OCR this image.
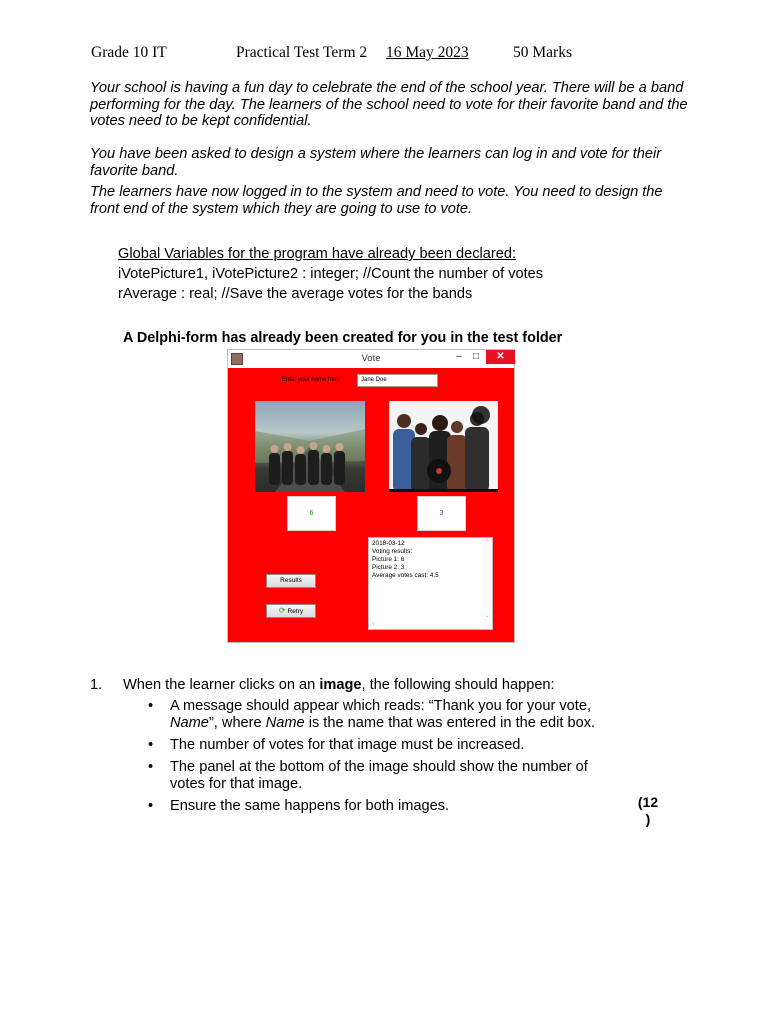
Grade 10 IT	Practical Test Term 2 16 May 2023	50 Marks

Your school is having a fun day to celebrate the end of the school year. There will be a band performing for the day. The learners of the school need to vote for their favorite band and the votes need to be kept confidential.

You have been asked to design a system where the learners can log in and vote for their favorite band.

The learners have now logged in to the system and need to vote. You need to design the front end of the system which they are going to use to vote.

Global Variables for the program have already been declared:
iVotePicture1, iVotePicture2 : integer; //Count the number of votes
rAverage : real; //Save the average votes for the bands
A Delphi-form has already been created for you in the test folder
Vote	–	□	✕
Enter your name here	Jane Doe
6	3
2018-03-12
Voting results:
Picture 1: 6
Picture 2: 3
Average votes cast: 4.5
⌃
⌄
‹
Results
⟳ Retry
1. When the learner clicks on an image, the following should happen:
• A message should appear which reads: “Thank you for your vote, Name”, where Name is the name that was entered in the edit box.
• The number of votes for that image must be increased.
• The panel at the bottom of the image should show the number of votes for that image.
• Ensure the same happens for both images.	(12
)
